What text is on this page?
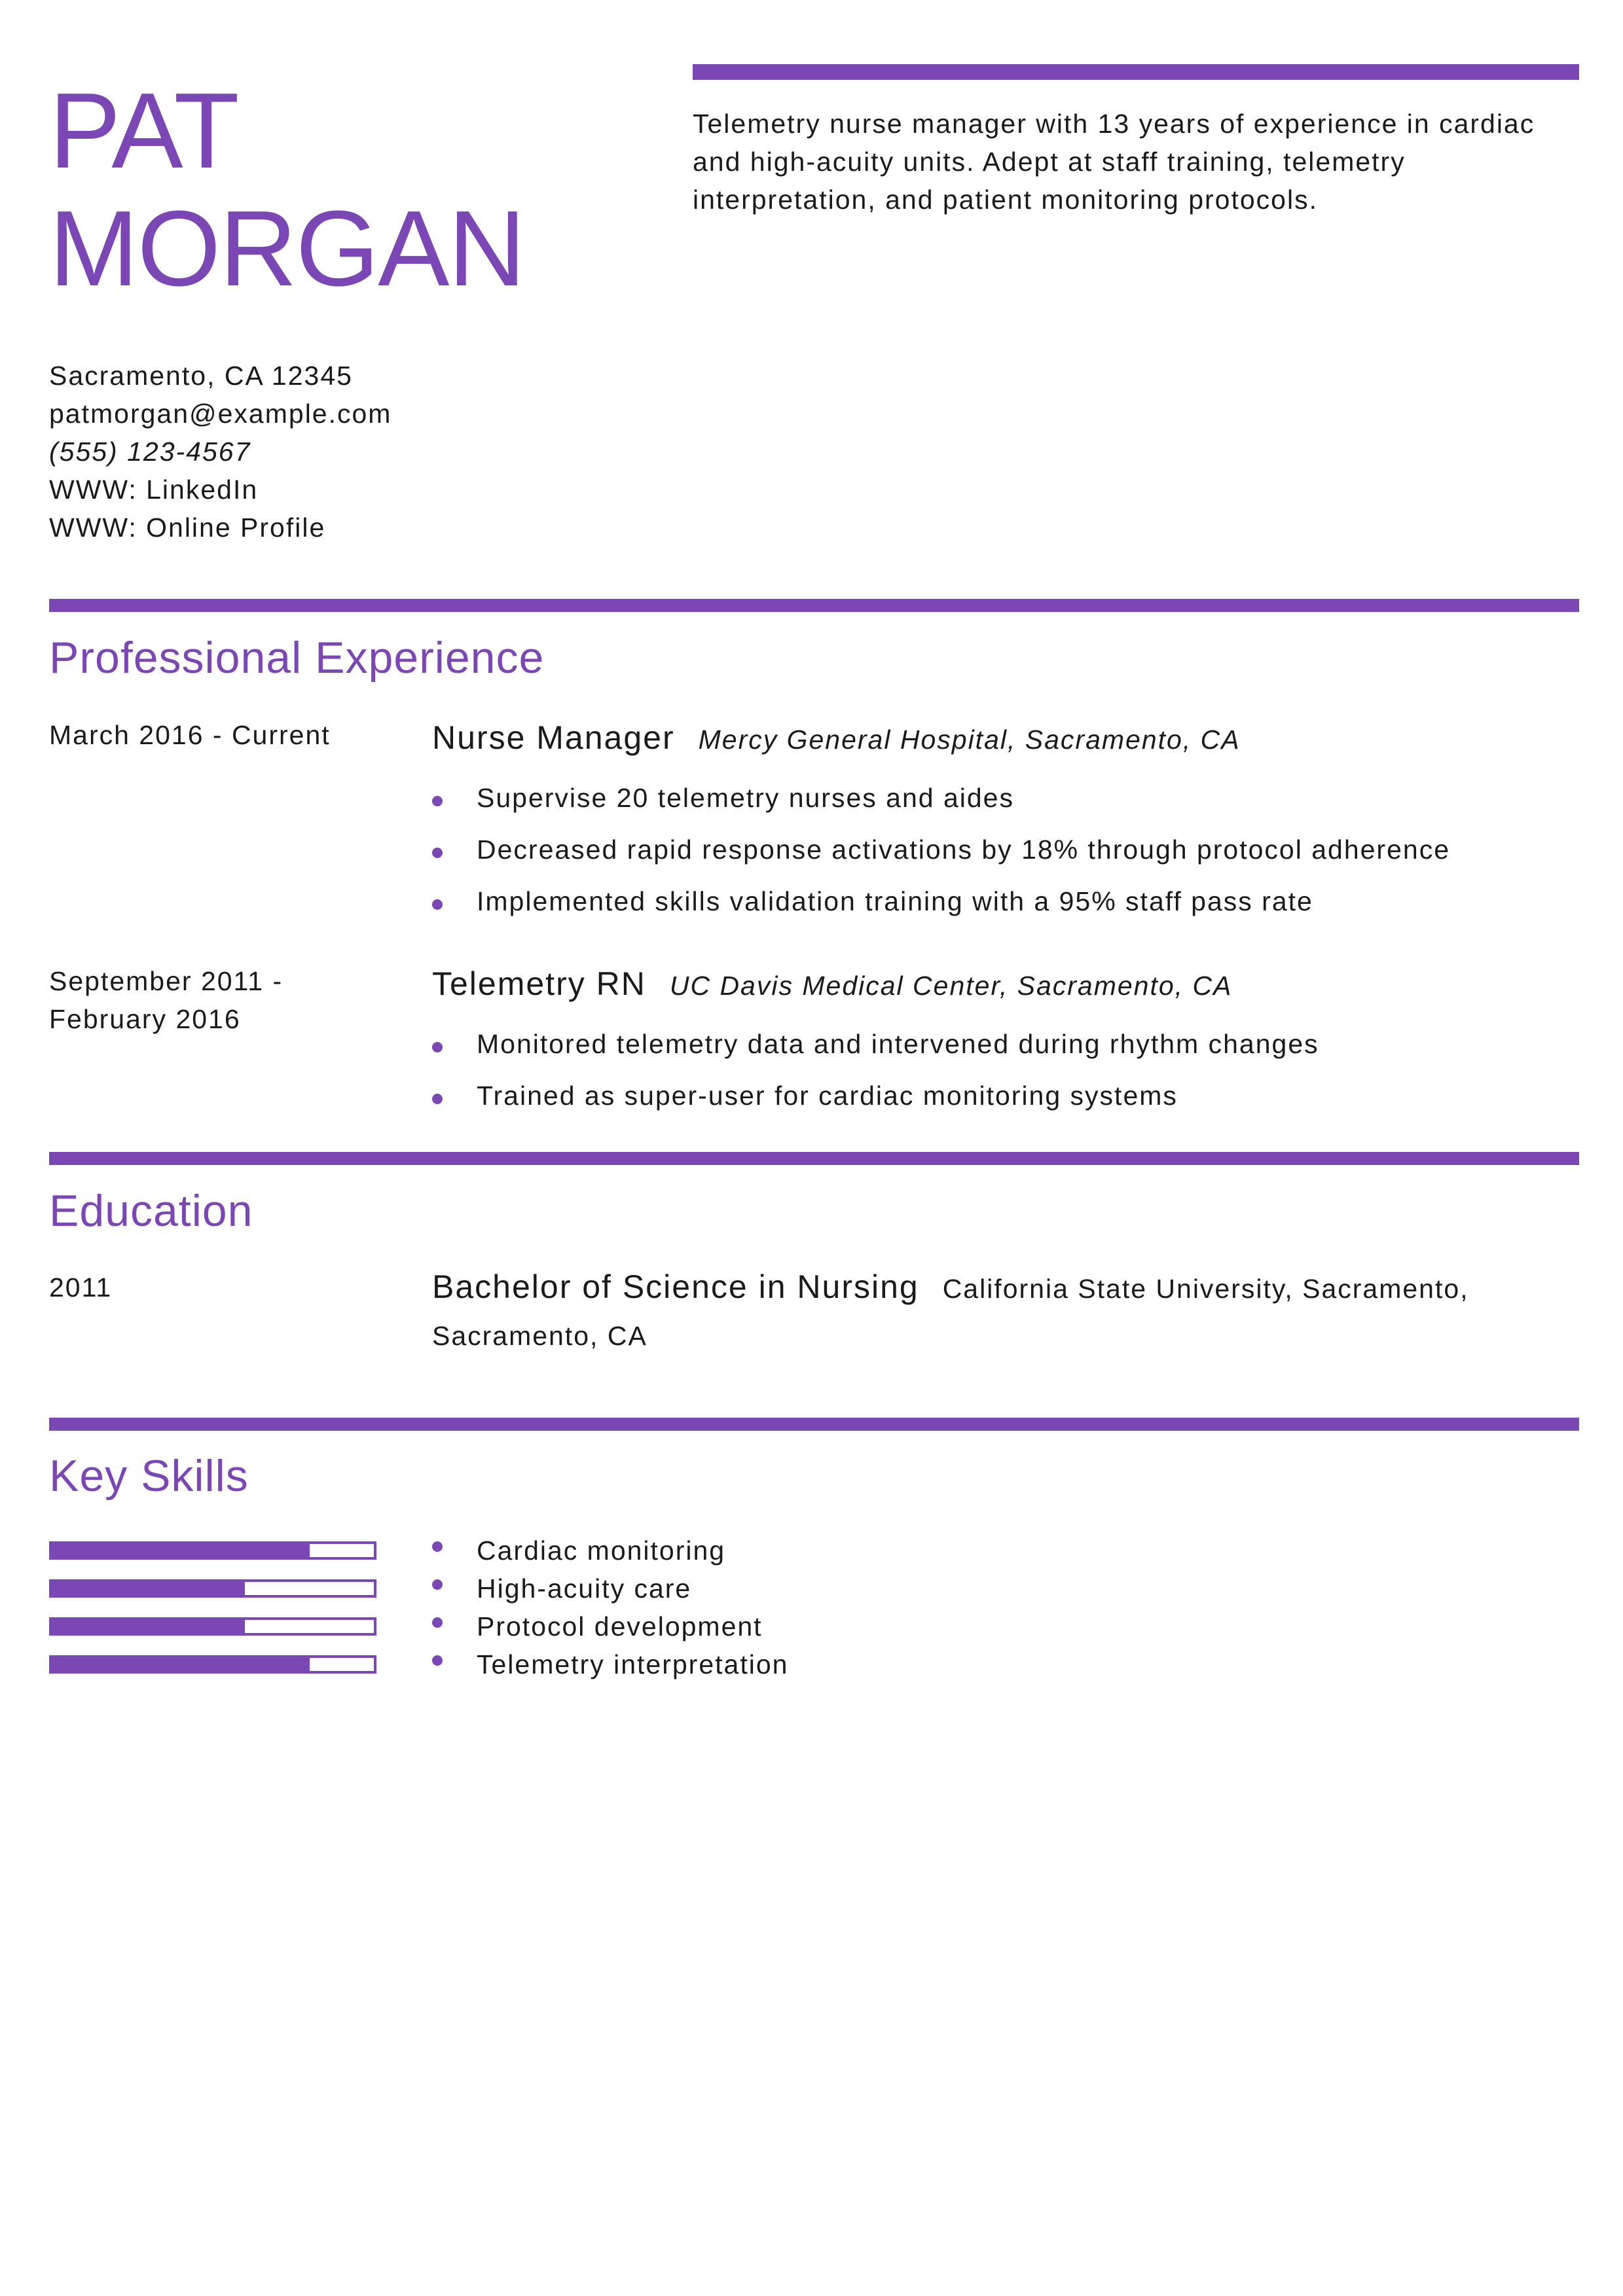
PAT
MORGAN
Telemetry nurse manager with 13 years of experience in cardiac and high-acuity units. Adept at staff training, telemetry interpretation, and patient monitoring protocols.
Sacramento, CA 12345
patmorgan@example.com
(555) 123-4567
WWW: LinkedIn
WWW: Online Profile
Professional Experience
March 2016 - Current	Nurse Manager Mercy General Hospital, Sacramento, CA
Supervise 20 telemetry nurses and aides
Decreased rapid response activations by 18% through protocol adherence
Implemented skills validation training with a 95% staff pass rate
September 2011 -
February 2016
Telemetry RN UC Davis Medical Center, Sacramento, CA
Monitored telemetry data and intervened during rhythm changes
Trained as super-user for cardiac monitoring systems
Education
2011	Bachelor of Science in Nursing California State University, Sacramento, Sacramento, CA
Key Skills
Cardiac monitoring
High-acuity care
Protocol development
Telemetry interpretation
